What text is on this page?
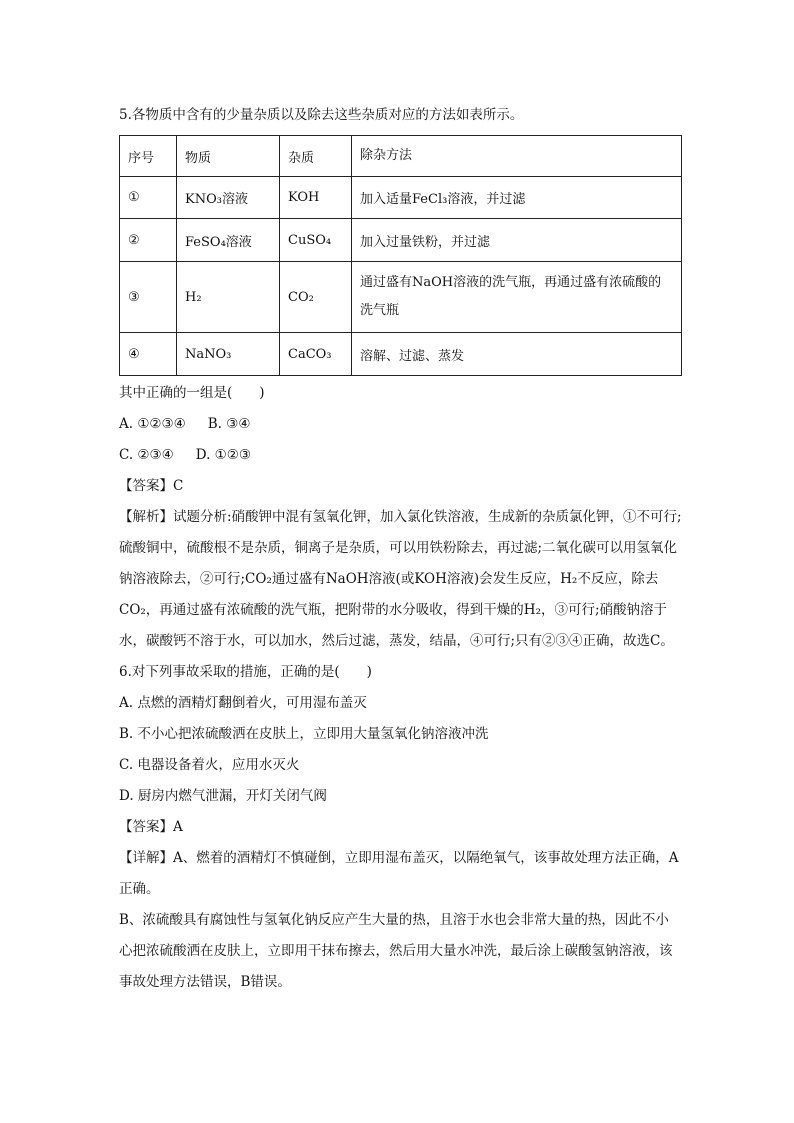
5.各物质中含有的少量杂质以及除去这些杂质对应的方法如表所示。
序号	物质	杂质	除杂方法
①	KNO₃溶液	KOH	加入适量FeCl₃溶液，并过滤
②	FeSO₄溶液	CuSO₄	加入过量铁粉，并过滤
③	H₂	CO₂	通过盛有NaOH溶液的洗气瓶，再通过盛有浓硫酸的洗气瓶
④	NaNO₃	CaCO₃	溶解、过滤、蒸发
其中正确的一组是(　　)
A. ①②③④ B. ③④
C. ②③④ D. ①②③
【答案】C
【解析】试题分析:硝酸钾中混有氢氧化钾，加入氯化铁溶液，生成新的杂质氯化钾，①不可行;硫酸铜中，硫酸根不是杂质，铜离子是杂质，可以用铁粉除去，再过滤;二氧化碳可以用氢氧化钠溶液除去，②可行;CO₂通过盛有NaOH溶液(或KOH溶液)会发生反应，H₂不反应，除去CO₂，再通过盛有浓硫酸的洗气瓶，把附带的水分吸收，得到干燥的H₂，③可行;硝酸钠溶于水，碳酸钙不溶于水，可以加水，然后过滤，蒸发，结晶，④可行;只有②③④正确，故选C。
6.对下列事故采取的措施，正确的是(　　)
A. 点燃的酒精灯翻倒着火，可用湿布盖灭
B. 不小心把浓硫酸洒在皮肤上，立即用大量氢氧化钠溶液冲洗
C. 电器设备着火，应用水灭火
D. 厨房内燃气泄漏，开灯关闭气阀
【答案】A
【详解】A、燃着的酒精灯不慎碰倒，立即用湿布盖灭，以隔绝氧气，该事故处理方法正确，A正确。
B、浓硫酸具有腐蚀性与氢氧化钠反应产生大量的热，且溶于水也会非常大量的热，因此不小心把浓硫酸洒在皮肤上，立即用干抹布擦去，然后用大量水冲洗，最后涂上碳酸氢钠溶液，该事故处理方法错误，B错误。
